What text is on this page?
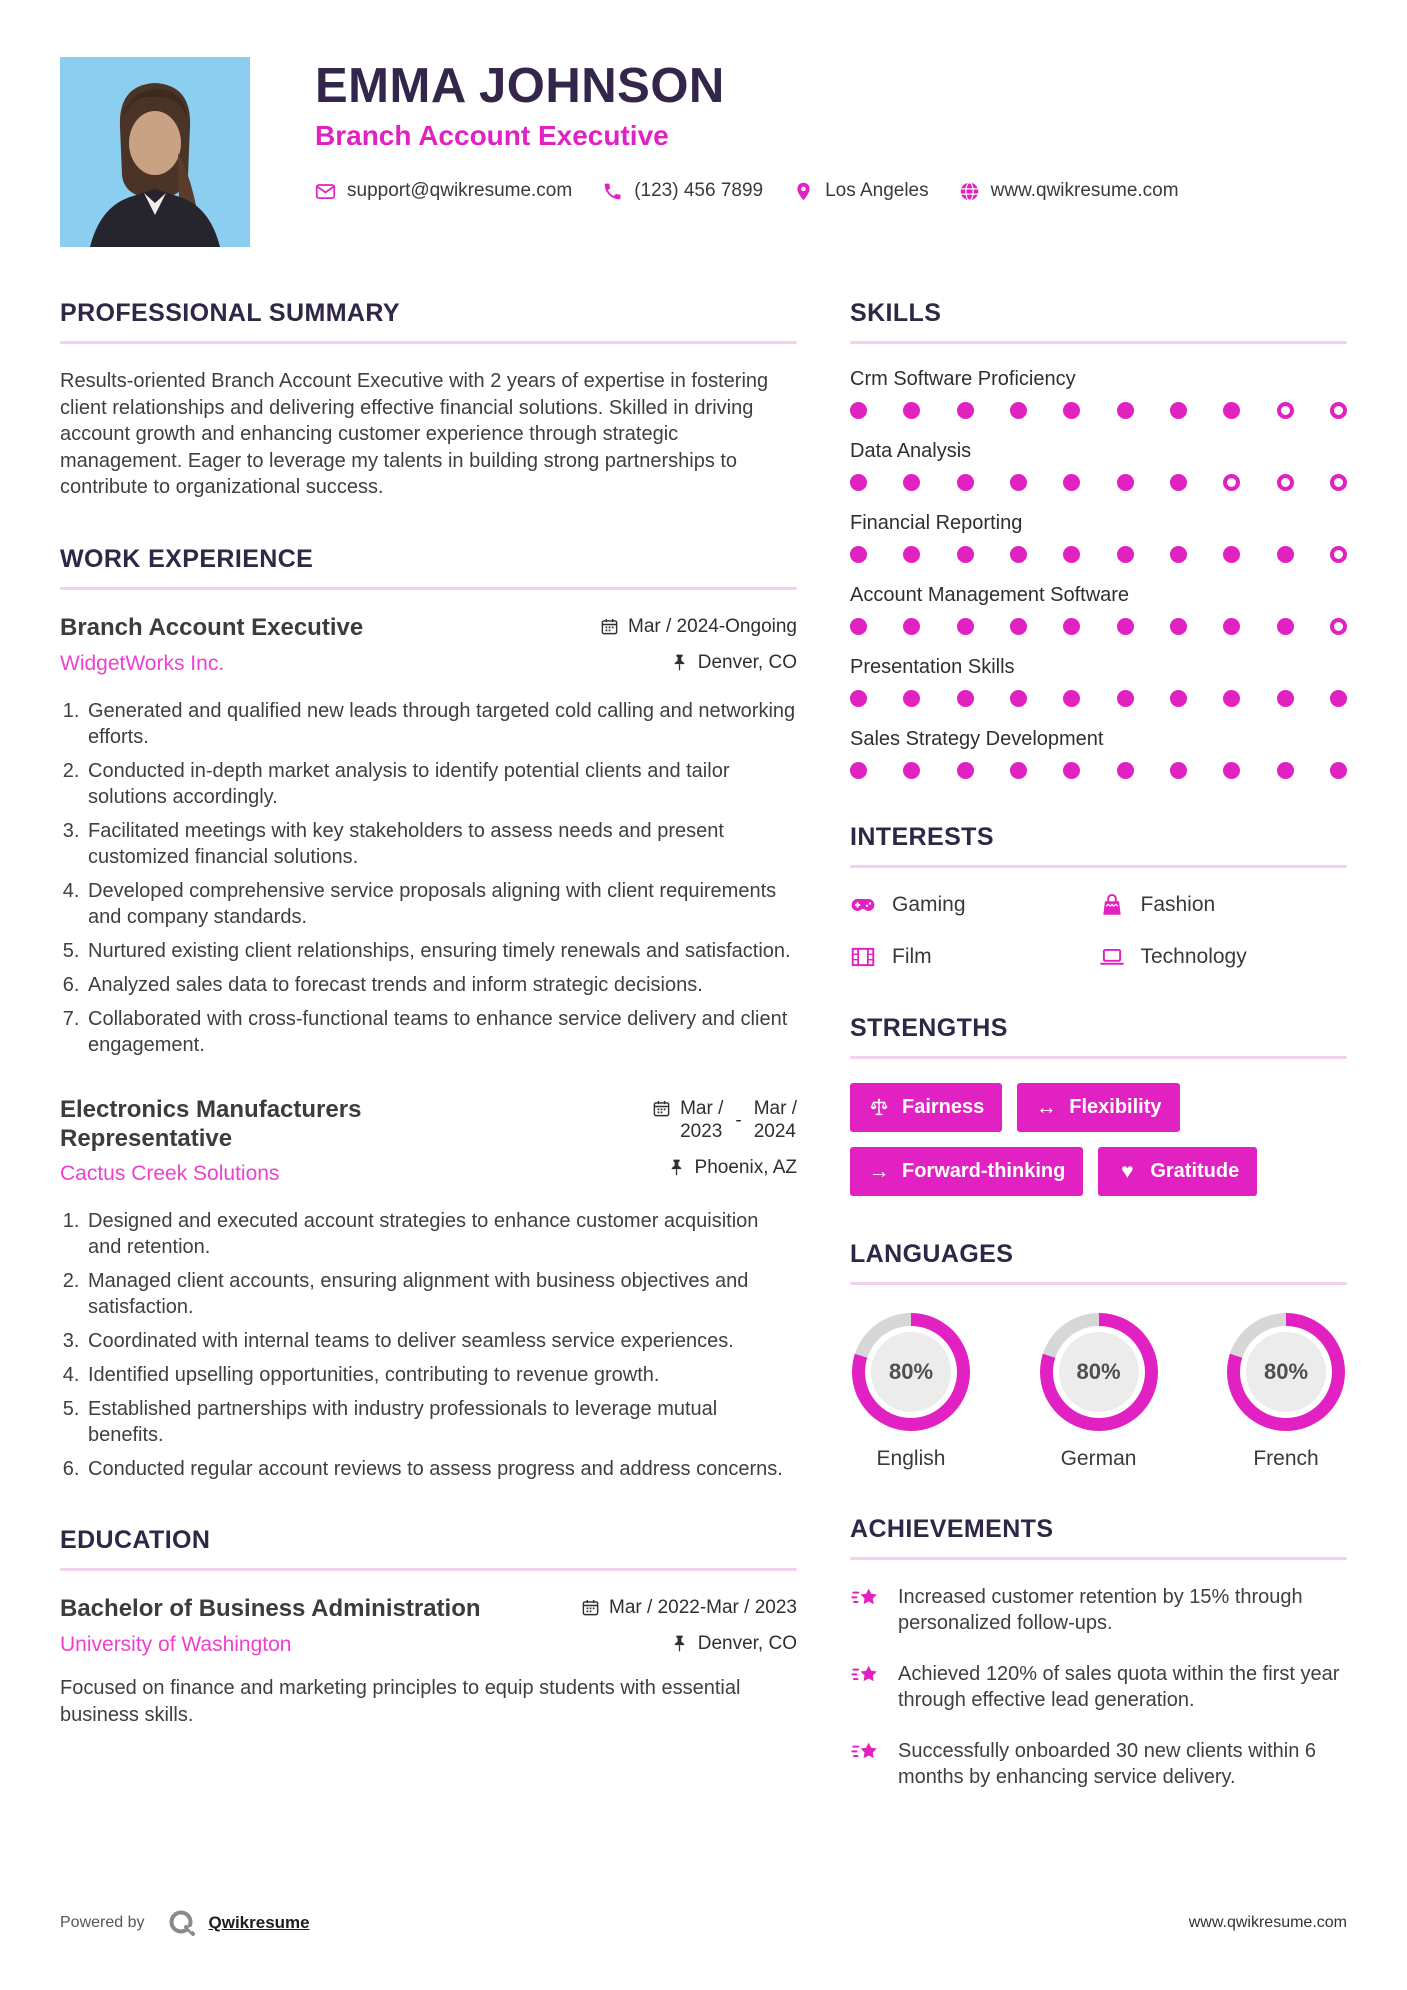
EMMA JOHNSON
Branch Account Executive
support@qwikresume.com	(123) 456 7899	Los Angeles	www.qwikresume.com
PROFESSIONAL SUMMARY

Results-oriented Branch Account Executive with 2 years of expertise in fostering client relationships and delivering effective financial solutions. Skilled in driving account growth and enhancing customer experience through strategic management. Eager to leverage my talents in building strong partnerships to contribute to organizational success.

WORK EXPERIENCE
Branch Account Executive
WidgetWorks Inc.
Mar / 2024-Ongoing
Denver, CO
1. Generated and qualified new leads through targeted cold calling and networking efforts.
2. Conducted in-depth market analysis to identify potential clients and tailor solutions accordingly.
3. Facilitated meetings with key stakeholders to assess needs and present customized financial solutions.
4. Developed comprehensive service proposals aligning with client requirements and company standards.
5. Nurtured existing client relationships, ensuring timely renewals and satisfaction.
6. Analyzed sales data to forecast trends and inform strategic decisions.
7. Collaborated with cross-functional teams to enhance service delivery and client engagement.
Electronics Manufacturers Representative
Cactus Creek Solutions
Mar /
2023
-
Mar /
2024
Phoenix, AZ
1. Designed and executed account strategies to enhance customer acquisition and retention.
2. Managed client accounts, ensuring alignment with business objectives and satisfaction.
3. Coordinated with internal teams to deliver seamless service experiences.
4. Identified upselling opportunities, contributing to revenue growth.
5. Established partnerships with industry professionals to leverage mutual benefits.
6. Conducted regular account reviews to assess progress and address concerns.
EDUCATION
Bachelor of Business Administration
University of Washington
Mar / 2022-Mar / 2023
Denver, CO

Focused on finance and marketing principles to equip students with essential business skills.

SKILLS
Crm Software Proficiency
Data Analysis
Financial Reporting
Account Management Software
Presentation Skills
Sales Strategy Development
INTERESTS
Gaming	Fashion
Film	Technology
STRENGTHS
Fairness ↔ Flexibility
→ Forward-thinking	♥ Gratitude
LANGUAGES
80%
English
80%
German
80%
French
ACHIEVEMENTS
Increased customer retention by 15% through personalized follow-ups.
Achieved 120% of sales quota within the first year through effective lead generation.
Successfully onboarded 30 new clients within 6 months by enhancing service delivery.
Powered by	Qwikresume	www.qwikresume.com
